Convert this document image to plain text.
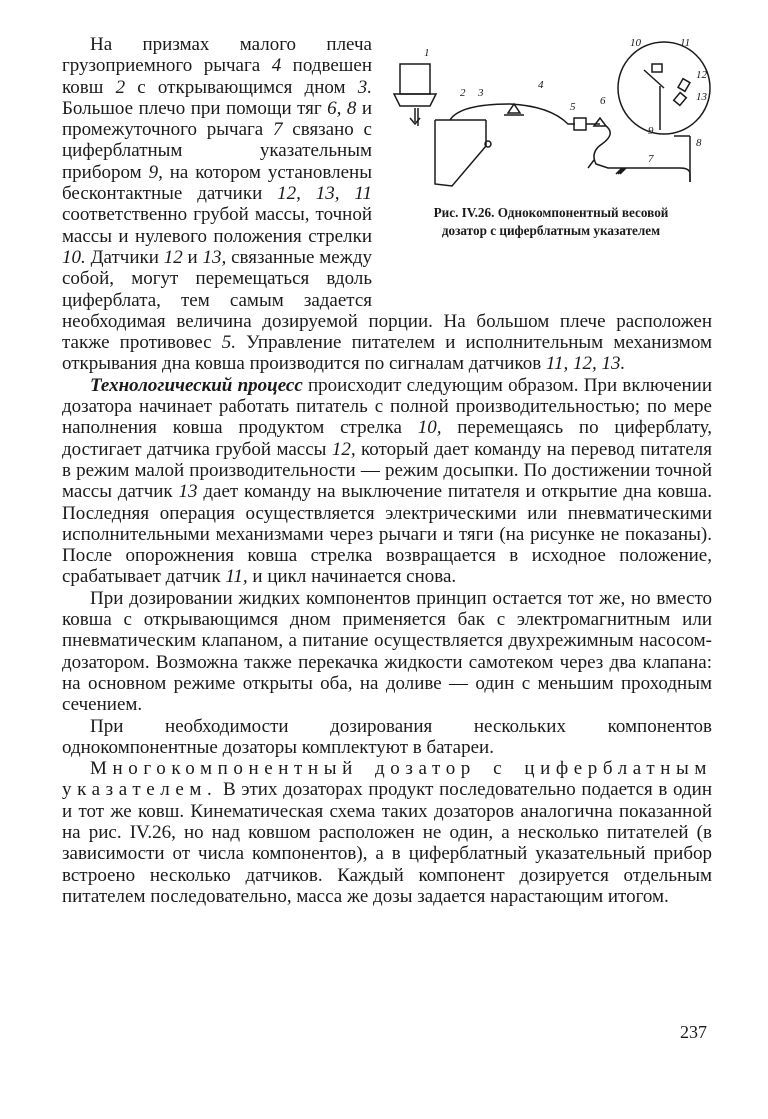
1
2 3
4
5 6
7
8
9
10	11
12
13
Рис. IV.26. Однокомпонентный весовой
дозатор с циферблатным указателем

На призмах малого плеча грузоприемного рычага 4 подвешен ковш 2 с открывающимся дном 3. Большое плечо при помощи тяг 6, 8 и промежуточного рычага 7 связано с циферблатным указательным прибором 9, на котором установлены бесконтактные датчики 12, 13, 11 соответственно грубой массы, точной массы и нулевого положения стрелки 10. Датчики 12 и 13, связанные между собой, могут перемещаться вдоль циферблата, тем самым задается необходимая величина дозируемой порции. На большом плече расположен также противовес 5. Управление питателем и исполнительным механизмом открывания дна ковша производится по сигналам датчиков 11, 12, 13.

Технологический процесс происходит следующим образом. При включении дозатора начинает работать питатель с полной производительностью; по мере наполнения ковша продуктом стрелка 10, перемещаясь по циферблату, достигает датчика грубой массы 12, который дает команду на перевод питателя в режим малой производительности — режим досыпки. По достижении точной массы датчик 13 дает команду на выключение питателя и открытие дна ковша. Последняя операция осуществляется электрическими или пневматическими исполнительными механизмами через рычаги и тяги (на рисунке не показаны). После опорожнения ковша стрелка возвращается в исходное положение, срабатывает датчик 11, и цикл начинается снова.

При дозировании жидких компонентов принцип остается тот же, но вместо ковша с открывающимся дном применяется бак с электромагнитным или пневматическим клапаном, а питание осуществляется двухрежимным насосом-дозатором. Возможна также перекачка жидкости самотеком через два клапана: на основном режиме открыты оба, на доливе — один с меньшим проходным сечением.

При необходимости дозирования нескольких компонентов однокомпонентные дозаторы комплектуют в батареи.

Многокомпонентный дозатор с циферблатным указателем. В этих дозаторах продукт последовательно подается в один и тот же ковш. Кинематическая схема таких дозаторов аналогична показанной на рис. IV.26, но над ковшом расположен не один, а несколько питателей (в зависимости от числа компонентов), а в циферблатный указательный прибор встроено несколько датчиков. Каждый компонент дозируется отдельным питателем последовательно, масса же дозы задается нарастающим итогом.

237
